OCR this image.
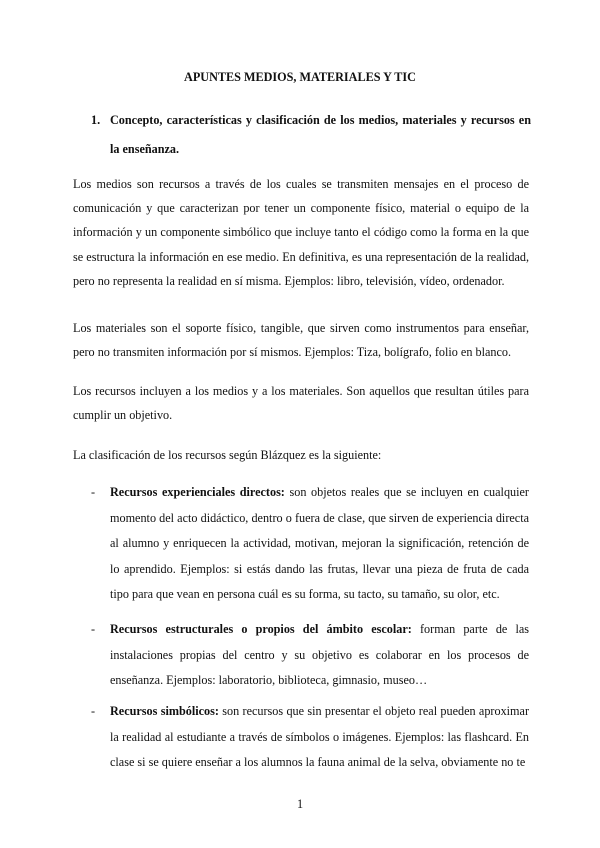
APUNTES MEDIOS, MATERIALES Y TIC
1. Concepto, características y clasificación de los medios, materiales y recursos en la enseñanza.
Los medios son recursos a través de los cuales se transmiten mensajes en el proceso de comunicación y que caracterizan por tener un componente físico, material o equipo de la información y un componente simbólico que incluye tanto el código como la forma en la que se estructura la información en ese medio. En definitiva, es una representación de la realidad, pero no representa la realidad en sí misma. Ejemplos: libro, televisión, vídeo, ordenador.
Los materiales son el soporte físico, tangible, que sirven como instrumentos para enseñar, pero no transmiten información por sí mismos. Ejemplos: Tiza, bolígrafo, folio en blanco.
Los recursos incluyen a los medios y a los materiales. Son aquellos que resultan útiles para cumplir un objetivo.
La clasificación de los recursos según Blázquez es la siguiente:
- Recursos experienciales directos: son objetos reales que se incluyen en cualquier momento del acto didáctico, dentro o fuera de clase, que sirven de experiencia directa al alumno y enriquecen la actividad, motivan, mejoran la significación, retención de lo aprendido. Ejemplos: si estás dando las frutas, llevar una pieza de fruta de cada tipo para que vean en persona cuál es su forma, su tacto, su tamaño, su olor, etc.
- Recursos estructurales o propios del ámbito escolar: forman parte de las instalaciones propias del centro y su objetivo es colaborar en los procesos de enseñanza. Ejemplos: laboratorio, biblioteca, gimnasio, museo…
- Recursos simbólicos: son recursos que sin presentar el objeto real pueden aproximar la realidad al estudiante a través de símbolos o imágenes. Ejemplos: las flashcard. En clase si se quiere enseñar a los alumnos la fauna animal de la selva, obviamente no te
1
